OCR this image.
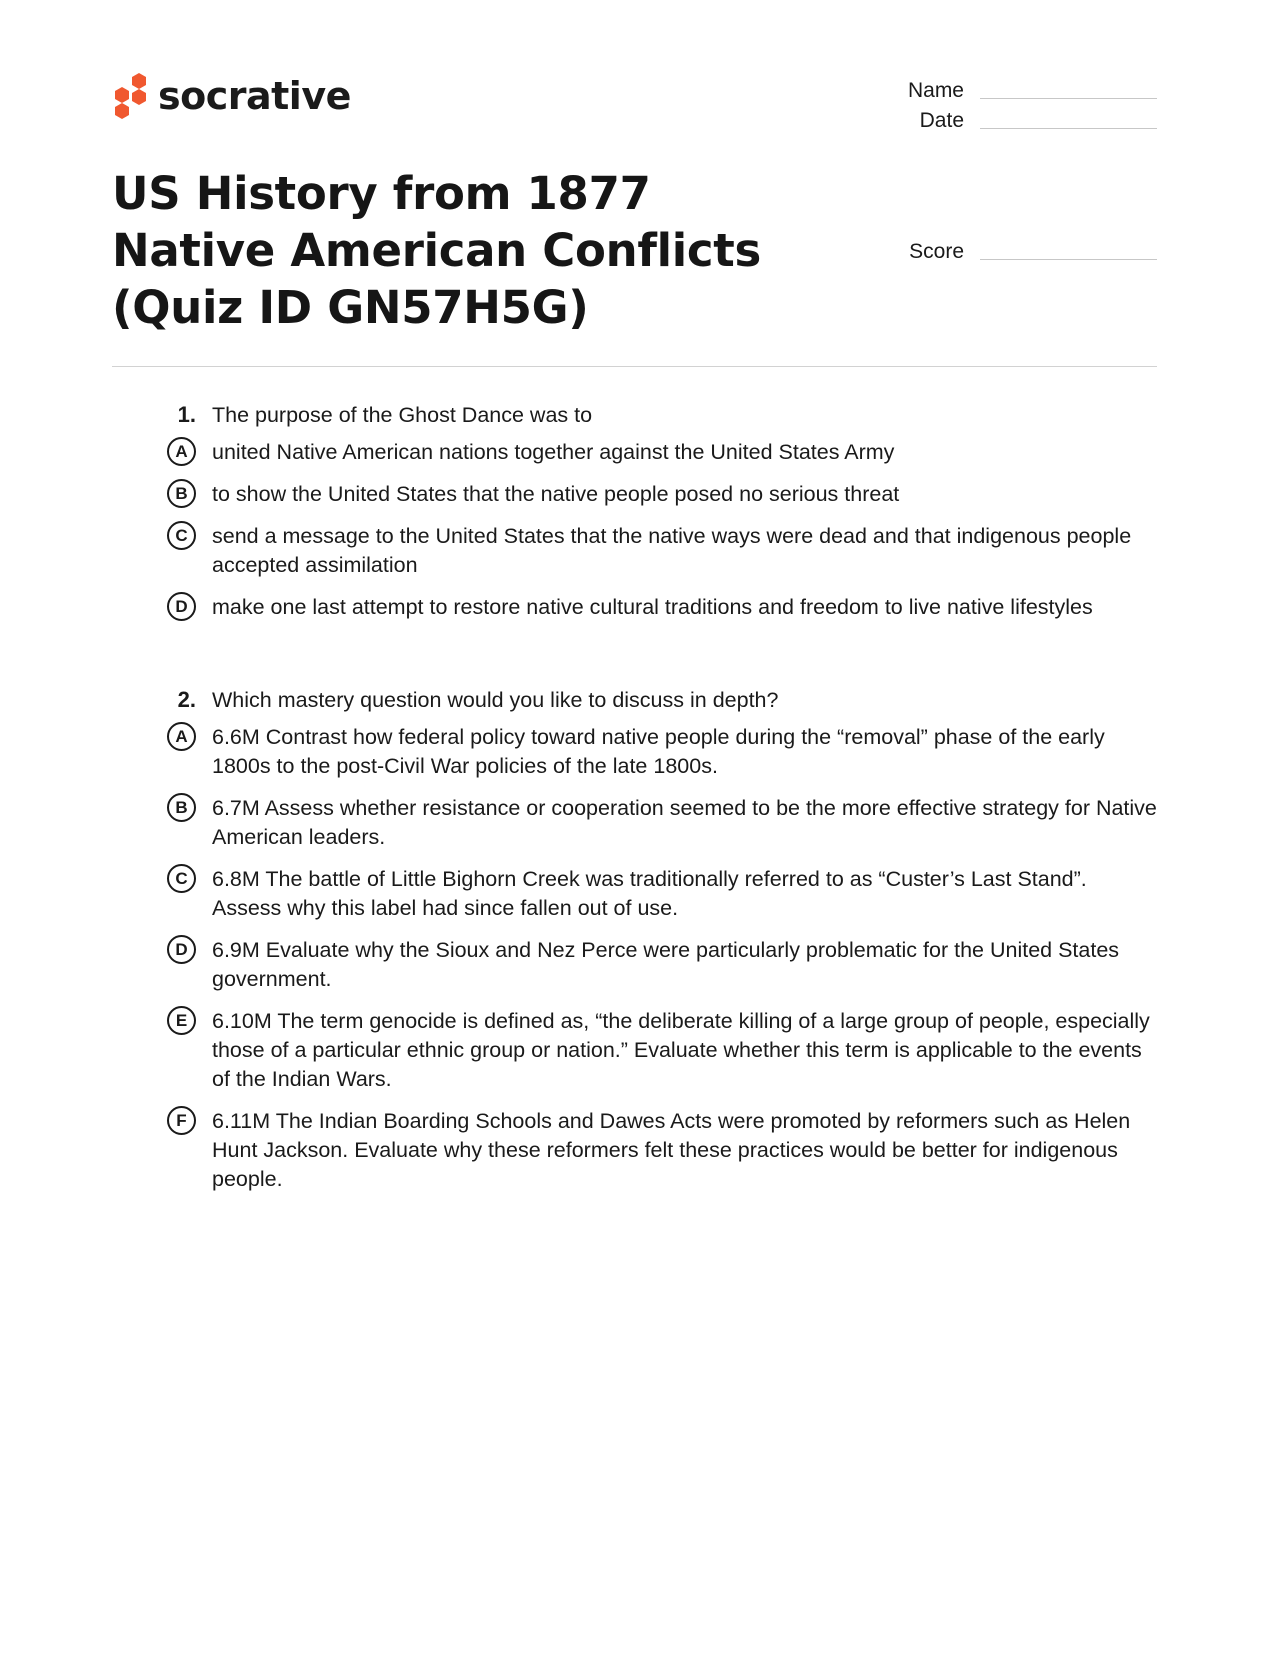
socrative	Name
Date
Score
US History from 1877 Native American Conflicts (Quiz ID GN57H5G)
1. The purpose of the Ghost Dance was to
A	united Native American nations together against the United States Army
B	to show the United States that the native people posed no serious threat
C	send a message to the United States that the native ways were dead and that indigenous people accepted assimilation
D	make one last attempt to restore native cultural traditions and freedom to live native lifestyles
2. Which mastery question would you like to discuss in depth?
A	6.6M Contrast how federal policy toward native people during the “removal” phase of the early 1800s to the post-Civil War policies of the late 1800s.
B	6.7M Assess whether resistance or cooperation seemed to be the more effective strategy for Native American leaders.
C	6.8M The battle of Little Bighorn Creek was traditionally referred to as “Custer’s Last Stand”. Assess why this label had since fallen out of use.
D	6.9M Evaluate why the Sioux and Nez Perce were particularly problematic for the United States government.
E	6.10M The term genocide is defined as, “the deliberate killing of a large group of people, especially those of a particular ethnic group or nation.” Evaluate whether this term is applicable to the events of the Indian Wars.
F	6.11M The Indian Boarding Schools and Dawes Acts were promoted by reformers such as Helen Hunt Jackson. Evaluate why these reformers felt these practices would be better for indigenous people.
